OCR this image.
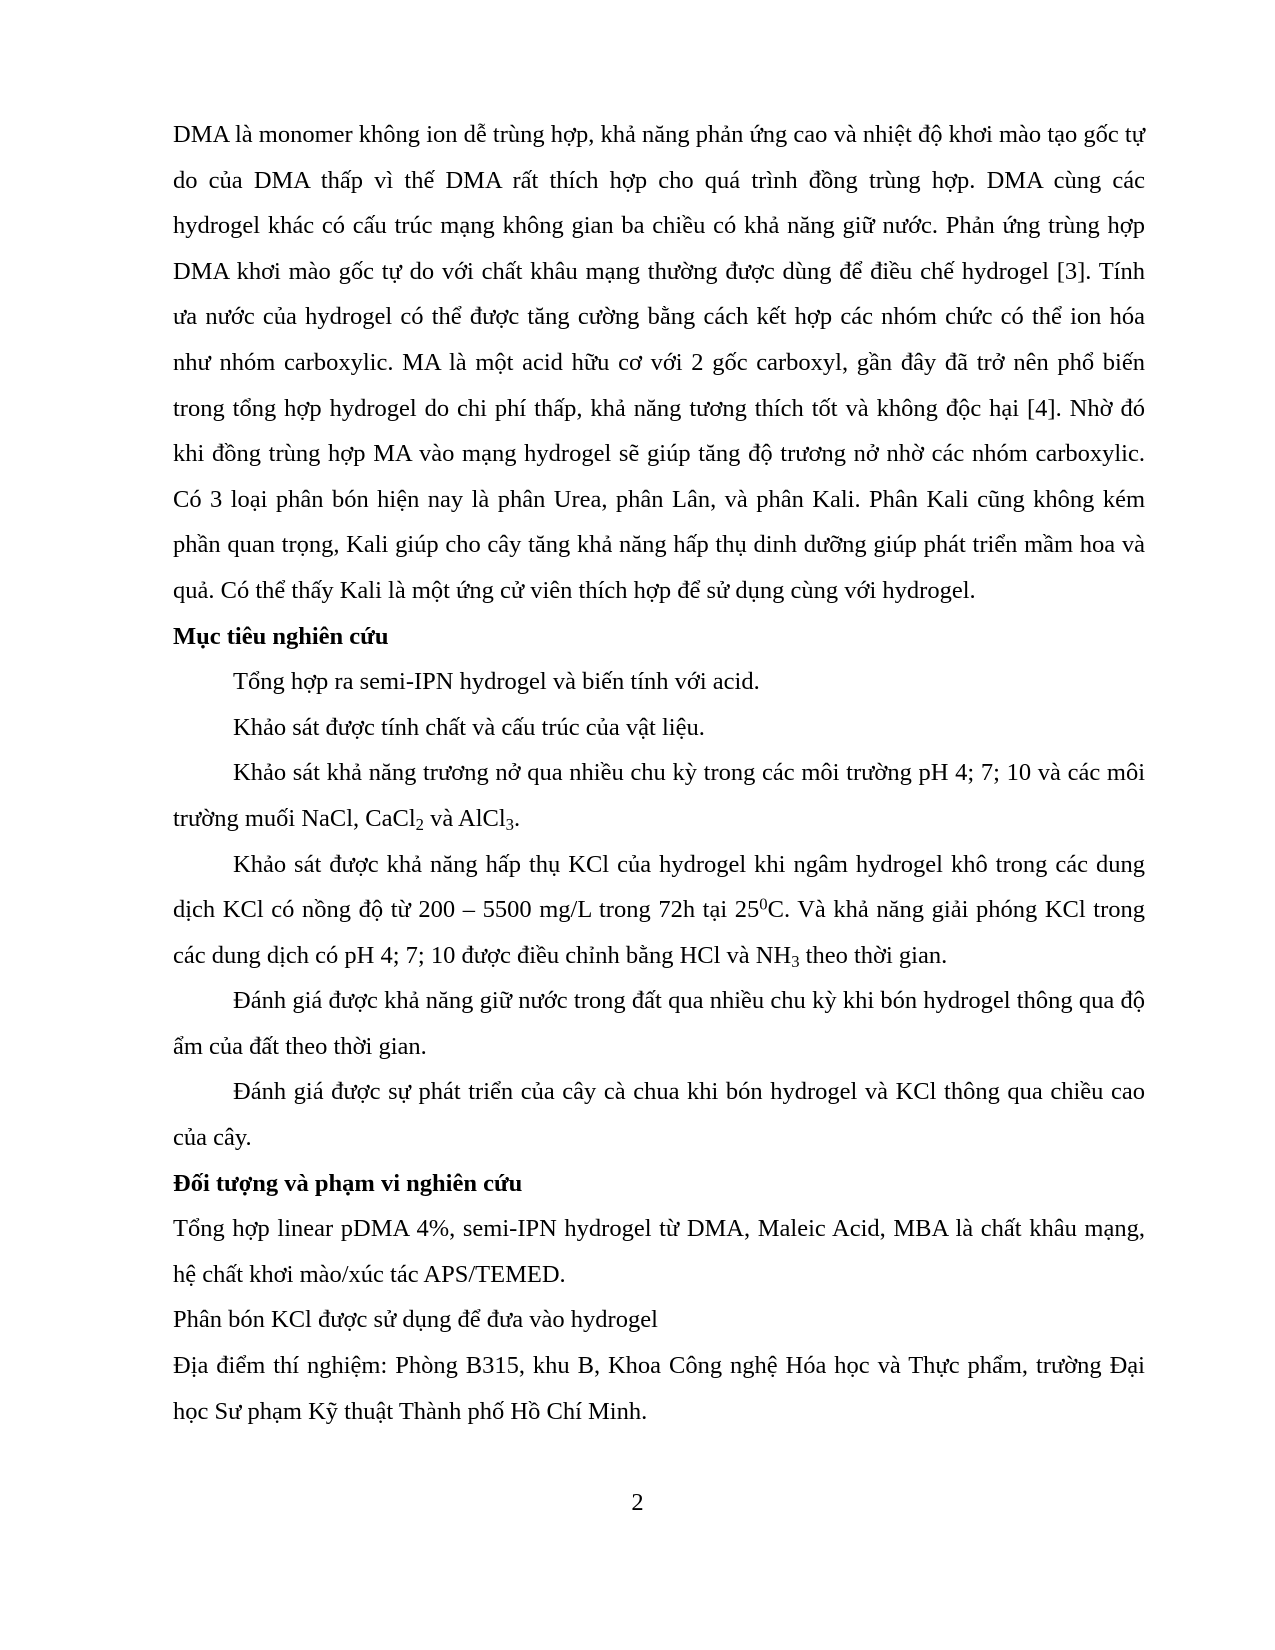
DMA là monomer không ion dễ trùng hợp, khả năng phản ứng cao và nhiệt độ khơi mào tạo gốc tự do của DMA thấp vì thế DMA rất thích hợp cho quá trình đồng trùng hợp. DMA cùng các hydrogel khác có cấu trúc mạng không gian ba chiều có khả năng giữ nước. Phản ứng trùng hợp DMA khơi mào gốc tự do với chất khâu mạng thường được dùng để điều chế hydrogel [3]. Tính ưa nước của hydrogel có thể được tăng cường bằng cách kết hợp các nhóm chức có thể ion hóa như nhóm carboxylic. MA là một acid hữu cơ với 2 gốc carboxyl, gần đây đã trở nên phổ biến trong tổng hợp hydrogel do chi phí thấp, khả năng tương thích tốt và không độc hại [4]. Nhờ đó khi đồng trùng hợp MA vào mạng hydrogel sẽ giúp tăng độ trương nở nhờ các nhóm carboxylic. Có 3 loại phân bón hiện nay là phân Urea, phân Lân, và phân Kali. Phân Kali cũng không kém phần quan trọng, Kali giúp cho cây tăng khả năng hấp thụ dinh dưỡng giúp phát triển mầm hoa và quả. Có thể thấy Kali là một ứng cử viên thích hợp để sử dụng cùng với hydrogel.

Mục tiêu nghiên cứu

Tổng hợp ra semi-IPN hydrogel và biến tính với acid.

Khảo sát được tính chất và cấu trúc của vật liệu.

Khảo sát khả năng trương nở qua nhiều chu kỳ trong các môi trường pH 4; 7; 10 và các môi trường muối NaCl, CaCl$_2$ và AlCl$_3$.

Khảo sát được khả năng hấp thụ KCl của hydrogel khi ngâm hydrogel khô trong các dung dịch KCl có nồng độ từ 200 – 5500 mg/L trong 72h tại $25^0C$. Và khả năng giải phóng KCl trong các dung dịch có pH 4; 7; 10 được điều chỉnh bằng HCl và $NH_3$ theo thời gian.

Đánh giá được khả năng giữ nước trong đất qua nhiều chu kỳ khi bón hydrogel thông qua độ ẩm của đất theo thời gian.

Đánh giá được sự phát triển của cây cà chua khi bón hydrogel và KCl thông qua chiều cao của cây.

Đối tượng và phạm vi nghiên cứu

Tổng hợp linear pDMA 4%, semi-IPN hydrogel từ DMA, Maleic Acid, MBA là chất khâu mạng, hệ chất khơi mào/xúc tác APS/TEMED.

Phân bón KCl được sử dụng để đưa vào hydrogel

Địa điểm thí nghiệm: Phòng B315, khu B, Khoa Công nghệ Hóa học và Thực phẩm, trường Đại học Sư phạm Kỹ thuật Thành phố Hồ Chí Minh.

2
